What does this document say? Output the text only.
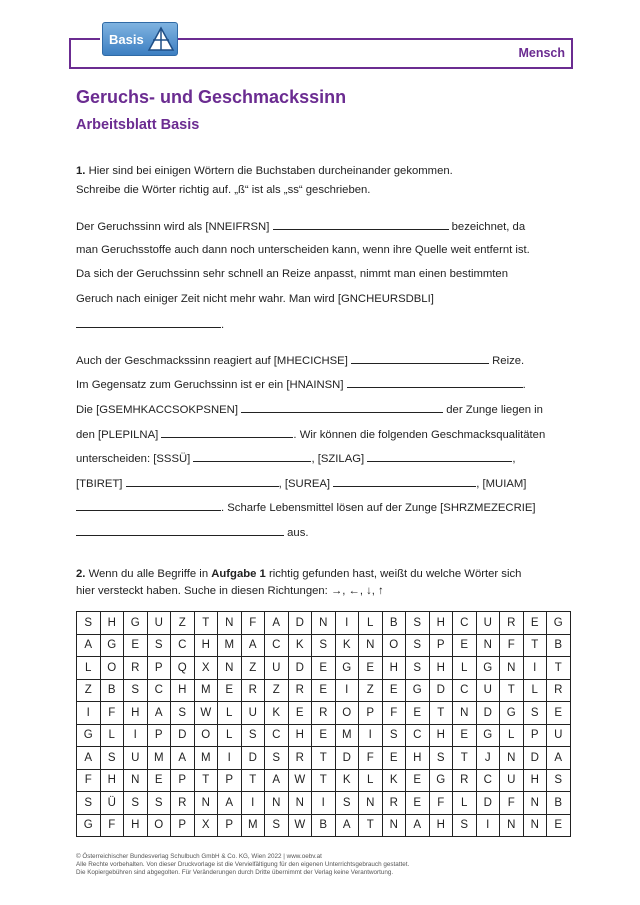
Mensch
Basis
Geruchs- und Geschmackssinn
Arbeitsblatt Basis
1. Hier sind bei einigen Wörtern die Buchstaben durcheinander gekommen.
Schreibe die Wörter richtig auf. „ß“ ist als „ss“ geschrieben.
Der Geruchssinn wird als [NNEIFRSN]	bezeichnet, da
man Geruchsstoffe auch dann noch unterscheiden kann, wenn ihre Quelle weit entfernt ist.
Da sich der Geruchssinn sehr schnell an Reize anpasst, nimmt man einen bestimmten
Geruch nach einiger Zeit nicht mehr wahr. Man wird [GNCHEURSDBLI]
.
Auch der Geschmackssinn reagiert auf [MHECICHSE]	Reize.
Im Gegensatz zum Geruchssinn ist er ein [HNAINSN]	.
Die [GSEMHKACCSOKPSNEN]	der Zunge liegen in
den [PLEPILNA]	. Wir können die folgenden Geschmacksqualitäten
unterscheiden: [SSSÜ]	, [SZILAG]	,
[TBIRET]	, [SUREA]	, [MUIAM]
. Scharfe Lebensmittel lösen auf der Zunge [SHRZMEZECRIE]
aus.
2. Wenn du alle Begriffe in Aufgabe 1 richtig gefunden hast, weißt du welche Wörter sich
hier versteckt haben. Suche in diesen Richtungen: →, ←, ↓, ↑
S	H	G	U	Z	T	N	F	A	D	N	I	L	B	S	H	C	U	R	E	G
A	G	E	S	C	H	M	A	C	K	S	K	N	O	S	P	E	N	F	T	B
L	O	R	P	Q	X	N	Z	U	D	E	G	E	H	S	H	L	G	N	I	T
Z	B	S	C	H	M	E	R	Z	R	E	I	Z	E	G	D	C	U	T	L	R
I	F	H	A	S	W	L	U	K	E	R	O	P	F	E	T	N	D	G	S	E
G	L	I	P	D	O	L	S	C	H	E	M	I	S	C	H	E	G	L	P	U
A	S	U	M	A	M	I	D	S	R	T	D	F	E	H	S	T	J	N	D	A
F	H	N	E	P	T	P	T	A	W	T	K	L	K	E	G	R	C	U	H	S
S	Ü	S	S	R	N	A	I	N	N	I	S	N	R	E	F	L	D	F	N	B
G	F	H	O	P	X	P	M	S	W	B	A	T	N	A	H	S	I	N	N	E
© Österreichischer Bundesverlag Schulbuch GmbH & Co. KG, Wien 2022 | www.oebv.at
Alle Rechte vorbehalten. Von dieser Druckvorlage ist die Vervielfältigung für den eigenen Unterrichtsgebrauch gestattet.
Die Kopiergebühren sind abgegolten. Für Veränderungen durch Dritte übernimmt der Verlag keine Verantwortung.
